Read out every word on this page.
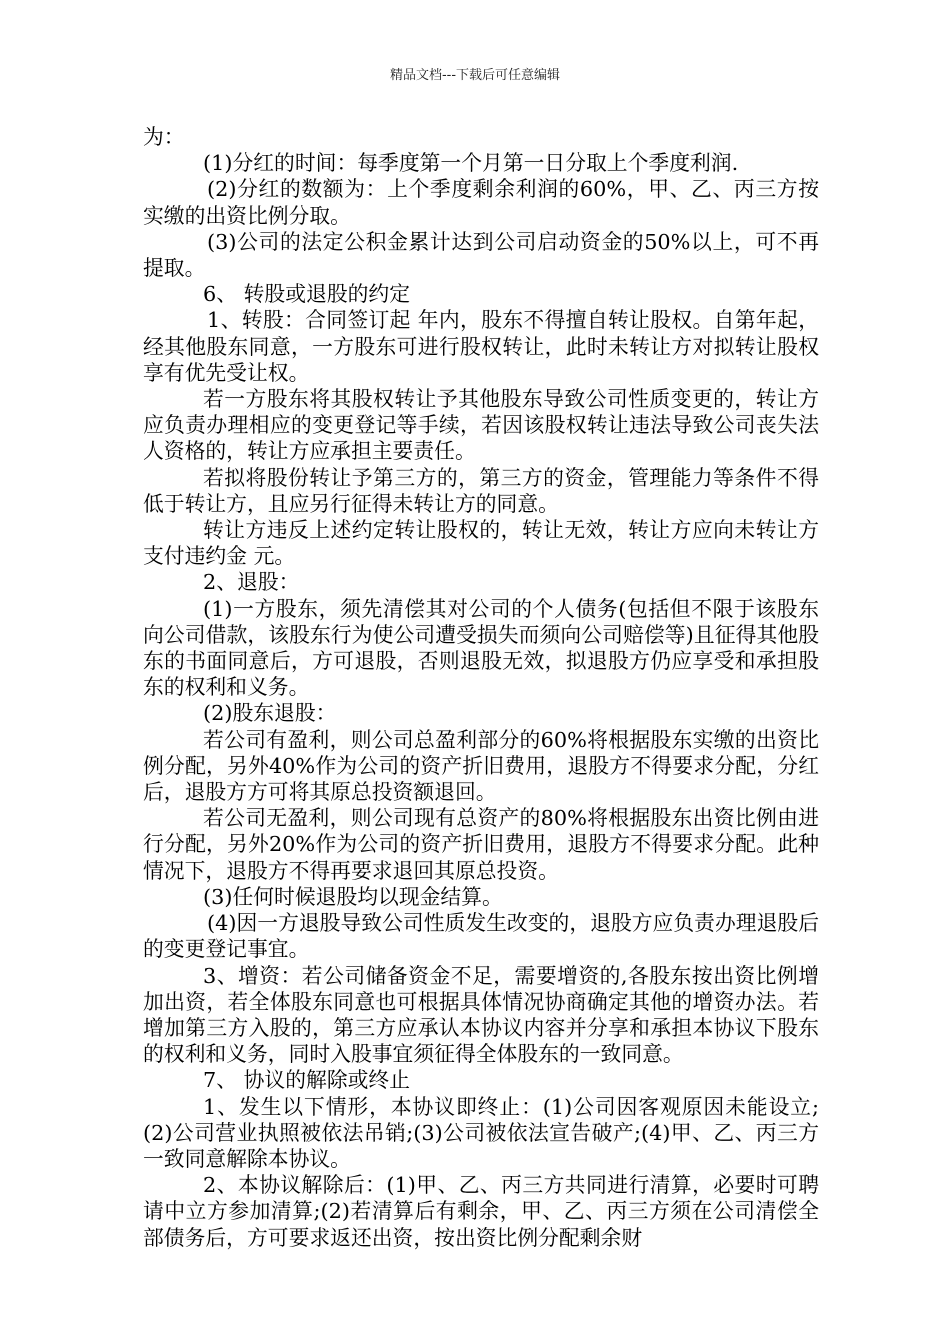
精品文档---下载后可任意编辑

为：

(1)分红的时间：每季度第一个月第一日分取上个季度利润.

(2)分红的数额为：上个季度剩余利润的60%，甲、乙、丙三方按实缴的出资比例分取。

(3)公司的法定公积金累计达到公司启动资金的50%以上，可不再提取。

6、 转股或退股的约定

1、转股：合同签订起 年内，股东不得擅自转让股权。自第年起，经其他股东同意，一方股东可进行股权转让，此时未转让方对拟转让股权享有优先受让权。

若一方股东将其股权转让予其他股东导致公司性质变更的，转让方应负责办理相应的变更登记等手续，若因该股权转让违法导致公司丧失法人资格的，转让方应承担主要责任。

若拟将股份转让予第三方的，第三方的资金，管理能力等条件不得低于转让方，且应另行征得未转让方的同意。

转让方违反上述约定转让股权的，转让无效，转让方应向未转让方支付违约金 元。

2、退股：

(1)一方股东，须先清偿其对公司的个人债务(包括但不限于该股东向公司借款，该股东行为使公司遭受损失而须向公司赔偿等)且征得其他股东的书面同意后，方可退股，否则退股无效，拟退股方仍应享受和承担股东的权利和义务。

(2)股东退股：

若公司有盈利，则公司总盈利部分的60%将根据股东实缴的出资比例分配，另外40%作为公司的资产折旧费用，退股方不得要求分配，分红后，退股方方可将其原总投资额退回。

若公司无盈利，则公司现有总资产的80%将根据股东出资比例由进行分配，另外20%作为公司的资产折旧费用，退股方不得要求分配。此种情况下，退股方不得再要求退回其原总投资。

(3)任何时候退股均以现金结算。

(4)因一方退股导致公司性质发生改变的，退股方应负责办理退股后的变更登记事宜。

3、增资：若公司储备资金不足，需要增资的,各股东按出资比例增加出资，若全体股东同意也可根据具体情况协商确定其他的增资办法。若增加第三方入股的，第三方应承认本协议内容并分享和承担本协议下股东的权利和义务，同时入股事宜须征得全体股东的一致同意。

7、 协议的解除或终止

1、发生以下情形，本协议即终止：(1)公司因客观原因未能设立;(2)公司营业执照被依法吊销;(3)公司被依法宣告破产;(4)甲、乙、丙三方一致同意解除本协议。

2、本协议解除后：(1)甲、乙、丙三方共同进行清算，必要时可聘请中立方参加清算;(2)若清算后有剩余，甲、乙、丙三方须在公司清偿全部债务后，方可要求返还出资，按出资比例分配剩余财
